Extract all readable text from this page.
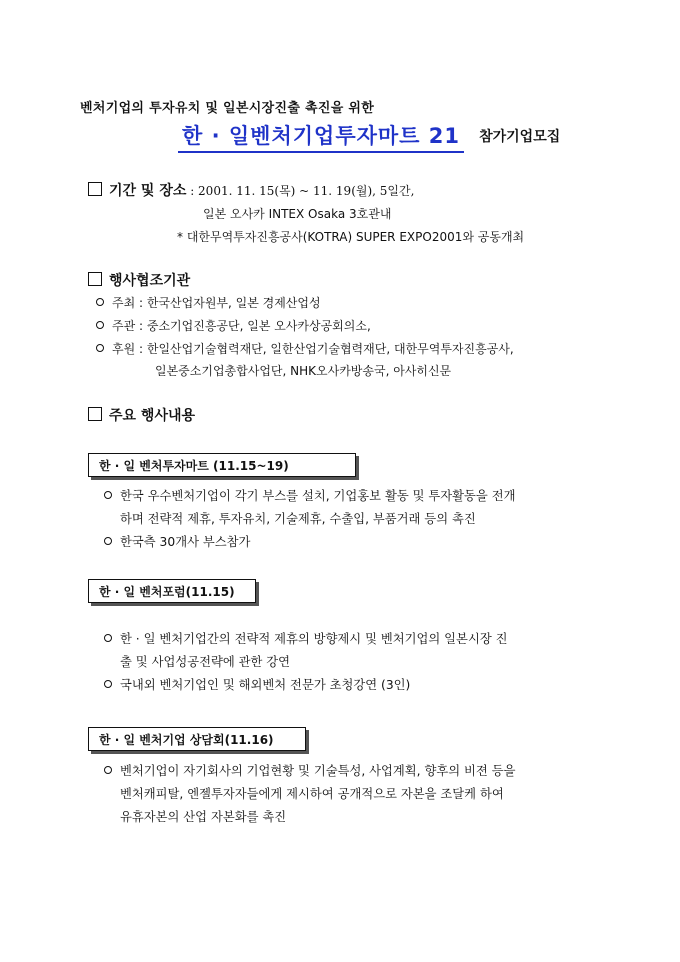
벤처기업의 투자유치 및 일본시장진출 촉진을 위한
한 · 일벤처기업투자마트 21 참가기업모집
기간 및 장소 : 2001. 11. 15(목) ~ 11. 19(월), 5일간,
일본 오사카 INTEX Osaka 3호관내
* 대한무역투자진흥공사(KOTRA) SUPER EXPO2001와 공동개최
행사협조기관
주최 : 한국산업자원부, 일본 경제산업성
주관 : 중소기업진흥공단, 일본 오사카상공회의소,
후원 : 한일산업기술협력재단, 일한산업기술협력재단, 대한무역투자진흥공사,
일본중소기업총합사업단, NHK오사카방송국, 아사히신문
주요 행사내용
한 · 일 벤처투자마트 (11.15~19)
한국 우수벤처기업이 각기 부스를 설치, 기업홍보 활동 및 투자활동을 전개
하며 전략적 제휴, 투자유치, 기술제휴, 수출입, 부품거래 등의 촉진
한국측 30개사 부스참가
한 · 일 벤처포럼(11.15)
한 · 일 벤처기업간의 전략적 제휴의 방향제시 및 벤처기업의 일본시장 진
출 및 사업성공전략에 관한 강연
국내외 벤처기업인 및 해외벤처 전문가 초청강연 (3인)
한 · 일 벤처기업 상담회(11.16)
벤처기업이 자기회사의 기업현황 및 기술특성, 사업계획, 향후의 비젼 등을
벤처캐피탈, 엔젤투자자들에게 제시하여 공개적으로 자본을 조달케 하여
유휴자본의 산업 자본화를 촉진
